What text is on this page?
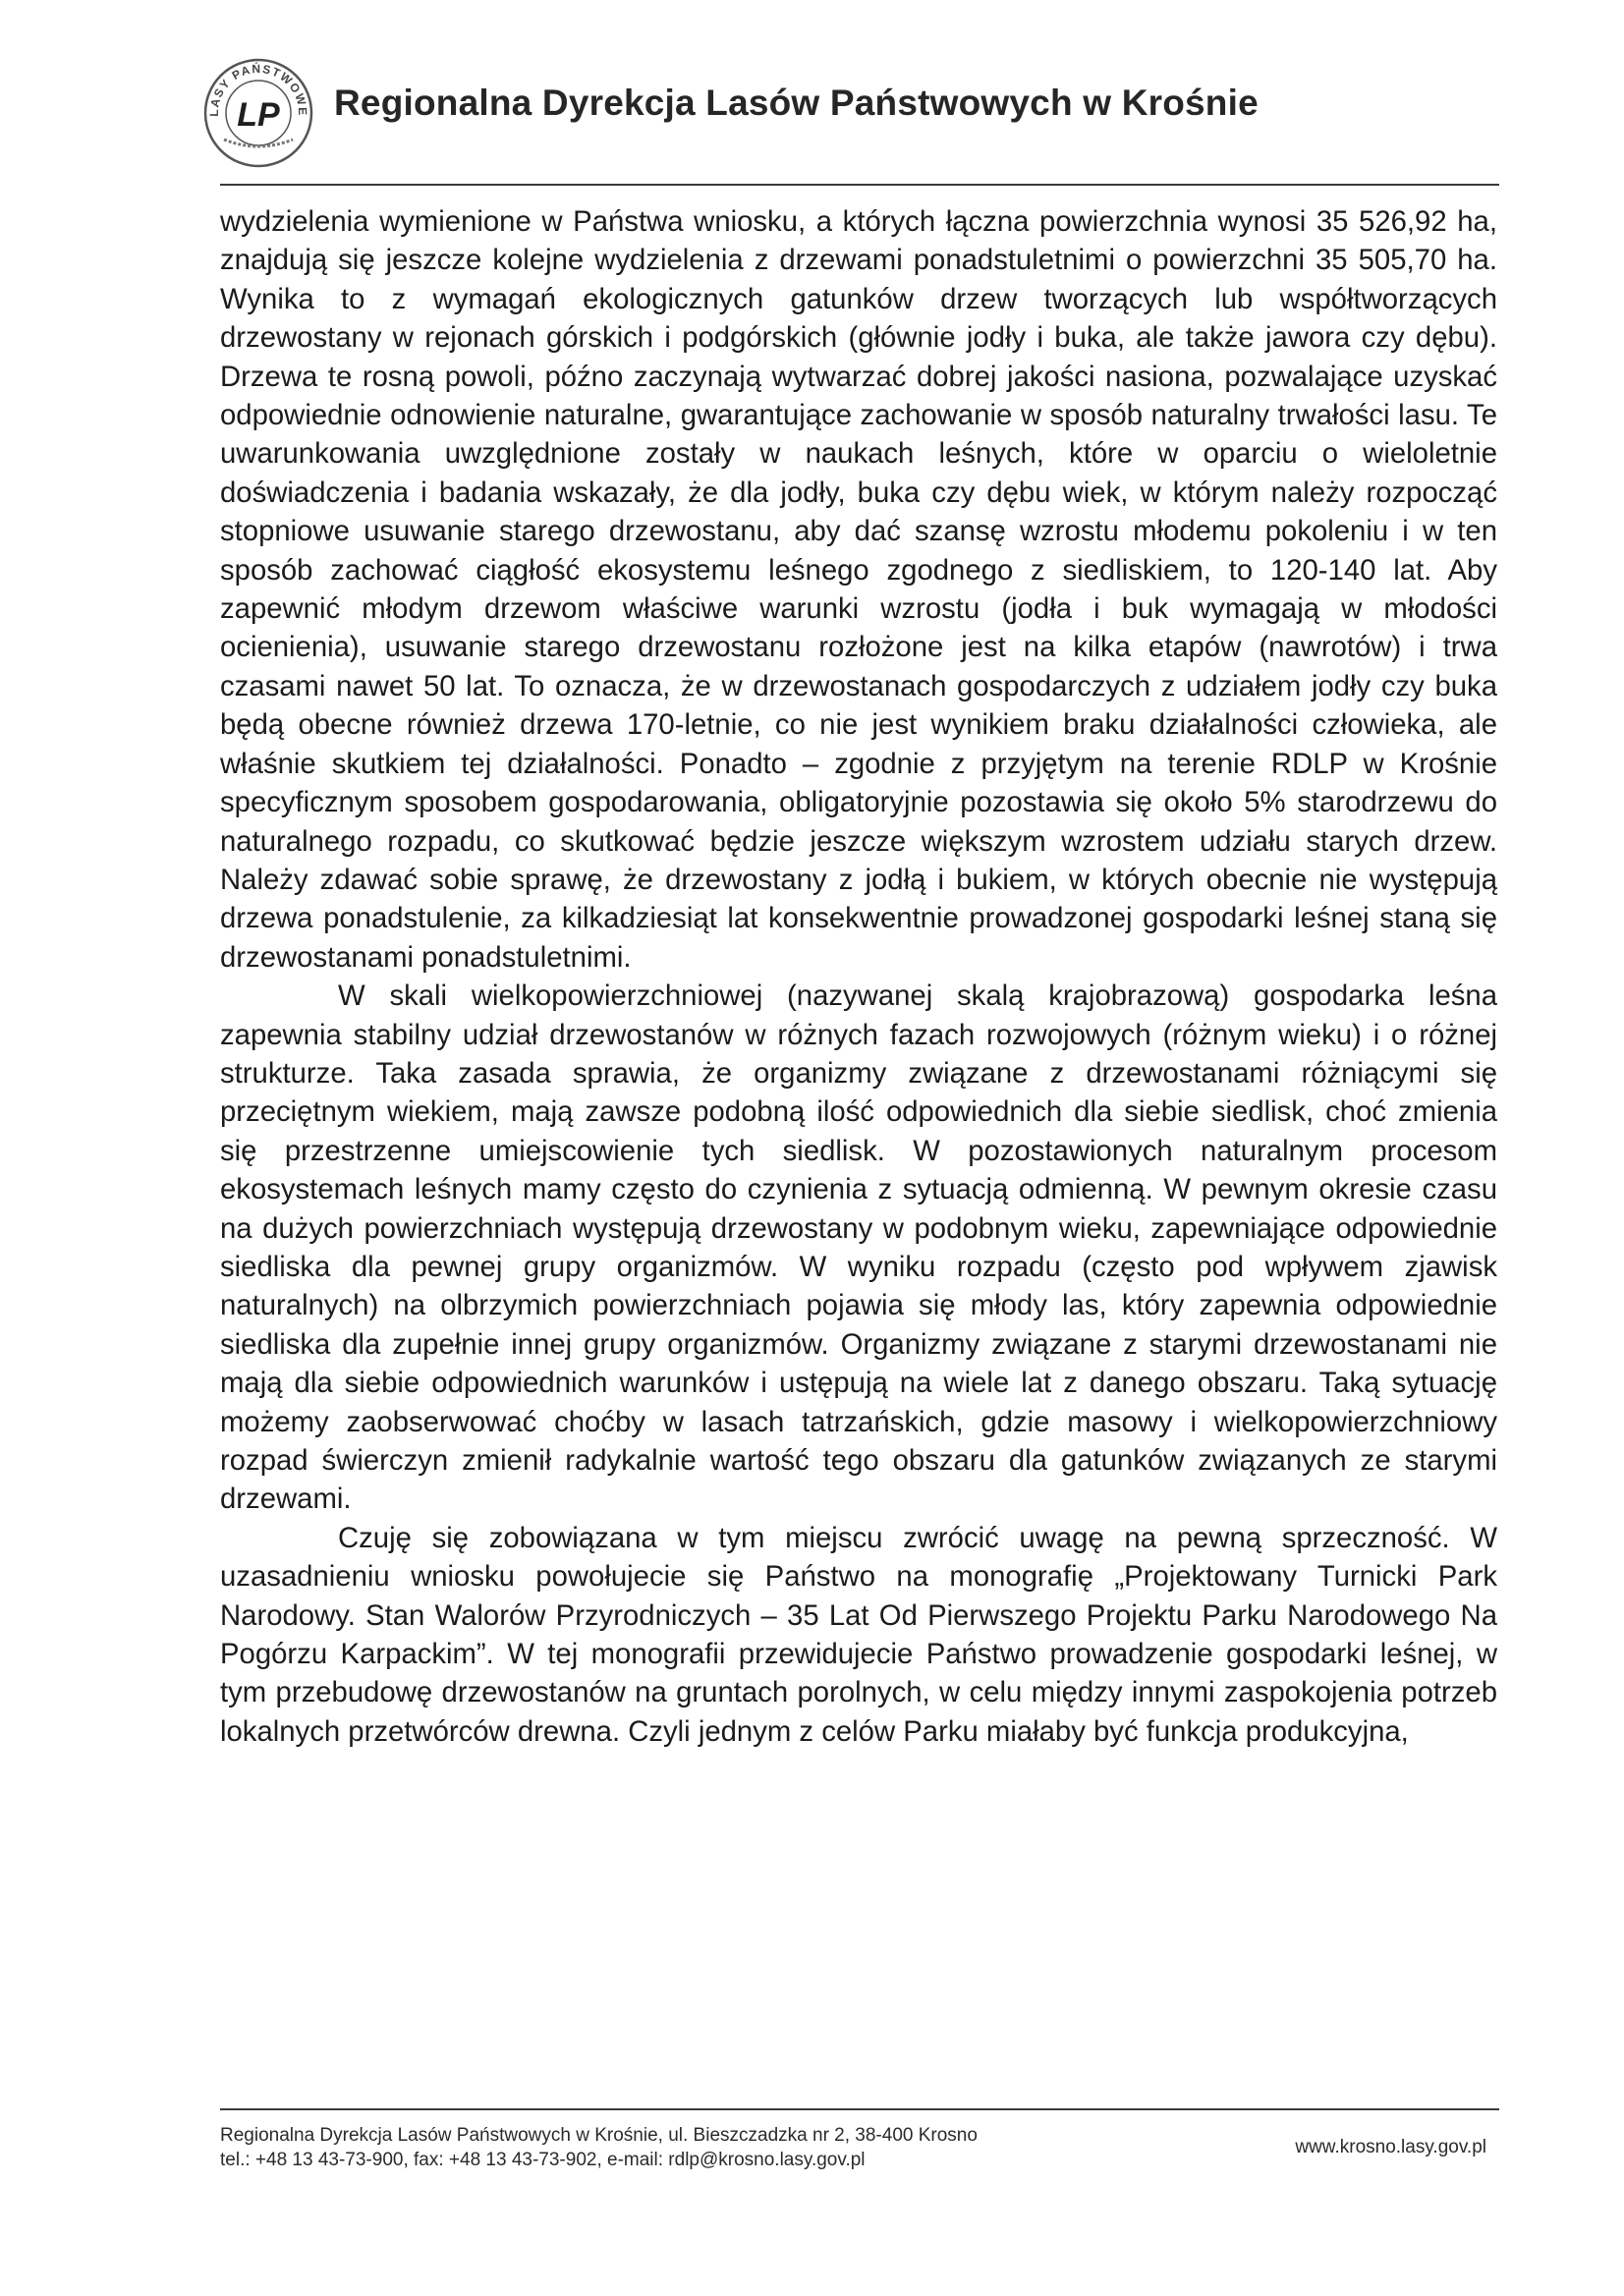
LASY PAŃSTWOWE
LP Regionalna Dyrekcja Lasów Państwowych w Krośnie

wydzielenia wymienione w Państwa wniosku, a których łączna powierzchnia wynosi 35 526,92 ha, znajdują się jeszcze kolejne wydzielenia z drzewami ponadstuletnimi o powierzchni 35 505,70 ha. Wynika to z wymagań ekologicznych gatunków drzew tworzących lub współtworzących drzewostany w rejonach górskich i podgórskich (głównie jodły i buka, ale także jawora czy dębu). Drzewa te rosną powoli, późno zaczynają wytwarzać dobrej jakości nasiona, pozwalające uzyskać odpowiednie odnowienie naturalne, gwarantujące zachowanie w sposób naturalny trwałości lasu. Te uwarunkowania uwzględnione zostały w naukach leśnych, które w oparciu o wieloletnie doświadczenia i badania wskazały, że dla jodły, buka czy dębu wiek, w którym należy rozpocząć stopniowe usuwanie starego drzewostanu, aby dać szansę wzrostu młodemu pokoleniu i w ten sposób zachować ciągłość ekosystemu leśnego zgodnego z siedliskiem, to 120-140 lat. Aby zapewnić młodym drzewom właściwe warunki wzrostu (jodła i buk wymagają w młodości ocienienia), usuwanie starego drzewostanu rozłożone jest na kilka etapów (nawrotów) i trwa czasami nawet 50 lat. To oznacza, że w drzewostanach gospodarczych z udziałem jodły czy buka będą obecne również drzewa 170-letnie, co nie jest wynikiem braku działalności człowieka, ale właśnie skutkiem tej działalności. Ponadto – zgodnie z przyjętym na terenie RDLP w Krośnie specyficznym sposobem gospodarowania, obligatoryjnie pozostawia się około 5% starodrzewu do naturalnego rozpadu, co skutkować będzie jeszcze większym wzrostem udziału starych drzew. Należy zdawać sobie sprawę, że drzewostany z jodłą i bukiem, w których obecnie nie występują drzewa ponadstulenie, za kilkadziesiąt lat konsekwentnie prowadzonej gospodarki leśnej staną się drzewostanami ponadstuletnimi.

W skali wielkopowierzchniowej (nazywanej skalą krajobrazową) gospodarka leśna zapewnia stabilny udział drzewostanów w różnych fazach rozwojowych (różnym wieku) i o różnej strukturze. Taka zasada sprawia, że organizmy związane z drzewostanami różniącymi się przeciętnym wiekiem, mają zawsze podobną ilość odpowiednich dla siebie siedlisk, choć zmienia się przestrzenne umiejscowienie tych siedlisk. W pozostawionych naturalnym procesom ekosystemach leśnych mamy często do czynienia z sytuacją odmienną. W pewnym okresie czasu na dużych powierzchniach występują drzewostany w podobnym wieku, zapewniające odpowiednie siedliska dla pewnej grupy organizmów. W wyniku rozpadu (często pod wpływem zjawisk naturalnych) na olbrzymich powierzchniach pojawia się młody las, który zapewnia odpowiednie siedliska dla zupełnie innej grupy organizmów. Organizmy związane z starymi drzewostanami nie mają dla siebie odpowiednich warunków i ustępują na wiele lat z danego obszaru. Taką sytuację możemy zaobserwować choćby w lasach tatrzańskich, gdzie masowy i wielkopowierzchniowy rozpad świerczyn zmienił radykalnie wartość tego obszaru dla gatunków związanych ze starymi drzewami.

Czuję się zobowiązana w tym miejscu zwrócić uwagę na pewną sprzeczność. W uzasadnieniu wniosku powołujecie się Państwo na monografię „Projektowany Turnicki Park Narodowy. Stan Walorów Przyrodniczych – 35 Lat Od Pierwszego Projektu Parku Narodowego Na Pogórzu Karpackim”. W tej monografii przewidujecie Państwo prowadzenie gospodarki leśnej, w tym przebudowę drzewostanów na gruntach porolnych, w celu między innymi zaspokojenia potrzeb lokalnych przetwórców drewna. Czyli jednym z celów Parku miałaby być funkcja produkcyjna,

Regionalna Dyrekcja Lasów Państwowych w Krośnie, ul. Bieszczadzka nr 2, 38-400 Krosno
tel.: +48 13 43-73-900, fax: +48 13 43-73-902, e-mail: rdlp@krosno.lasy.gov.pl
www.krosno.lasy.gov.pl
